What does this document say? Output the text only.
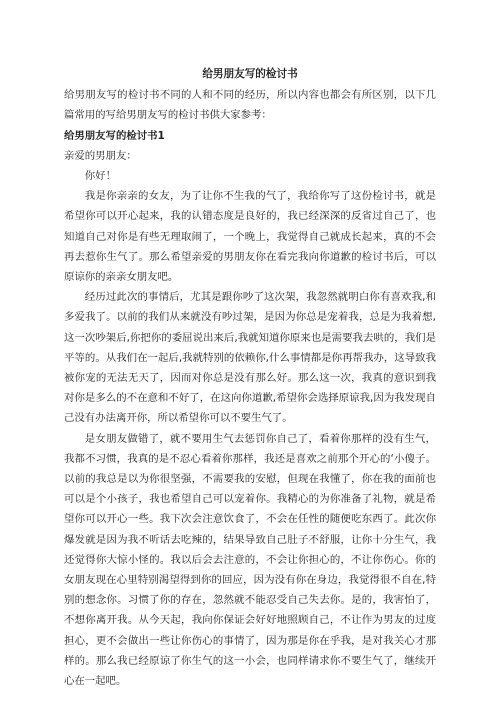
给男朋友写的检讨书

给男朋友写的检讨书不同的人和不同的经历，所以内容也都会有所区别，以下几篇常用的写给男朋友写的检讨书供大家参考：

给男朋友写的检讨书1

亲爱的男朋友：

你好！

我是你亲亲的女友，为了让你不生我的气了，我给你写了这份检讨书，就是希望你可以开心起来，我的认错态度是良好的，我已经深深的反省过自己了，也知道自己对你是有些无理取闹了，一个晚上，我觉得自己就成长起来，真的不会再去惹你生气了。那么希望亲爱的男朋友你在看完我向你道歉的检讨书后，可以原谅你的亲亲女朋友吧。

经历过此次的事情后，尤其是跟你吵了这次架，我忽然就明白你有喜欢我,和多爱我了。以前的我们从来就没有吵过架，是因为你总是宠着我，总是为我着想,这一次吵架后,你把你的委屈说出来后,我就知道你原来也是需要我去哄的，我们是平等的。从我们在一起后,我就特别的依赖你,什么事情都是你再帮我办，这导致我被你宠的无法无天了，因而对你总是没有那么好。那么这一次，我真的意识到我对你是多么的不在意和不好了，在这向你道歉,希望你会选择原谅我,因为我发现自己没有办法离开你，所以希望你可以不要生气了。

是女朋友做错了，就不要用生气去惩罚你自己了，看着你那样的没有生气，我都不习惯，我真的是不忍心看着你那样，我还是喜欢之前那个开心的‘小傻子。以前的我总是以为你很坚强，不需要我的安慰，但现在我懂了，你在我的面前也可以是个小孩子，我也希望自己可以宠着你。我精心的为你准备了礼物，就是希望你可以开心一些。我下次会注意饮食了，不会在任性的随便吃东西了。此次你爆发就是因为我不听话去吃辣的，结果导致自己肚子不舒服，让你十分生气，我还觉得你大惊小怪的。我以后会去注意的，不会让你担心的，不让你伤心。你的女朋友现在心里特别渴望得到你的回应，因为没有你在身边，我觉得很不自在,特别的想念你。习惯了你的存在，忽然就不能忍受自己失去你。是的，我害怕了，不想你离开我。从今天起，我向你保证会好好地照顾自己，不让作为男友的过度担心，更不会做出一些让你伤心的事情了，因为那是你在乎我，是对我关心才那样的。那么我已经原谅了你生气的这一小会，也同样请求你不要生气了，继续开心在一起吧。
